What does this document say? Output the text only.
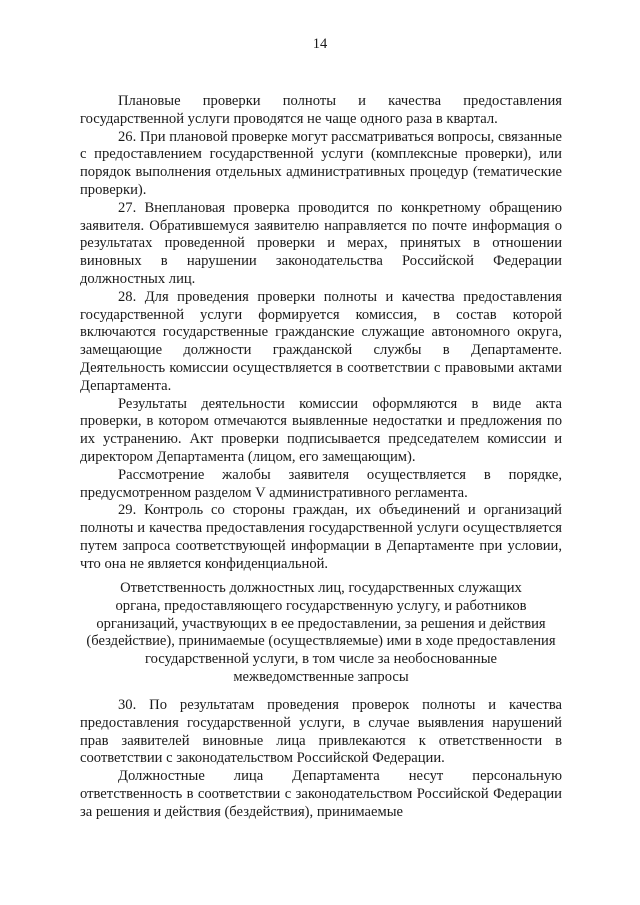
14

Плановые проверки полноты и качества предоставления государственной услуги проводятся не чаще одного раза в квартал.

26. При плановой проверке могут рассматриваться вопросы, связанные с предоставлением государственной услуги (комплексные проверки), или порядок выполнения отдельных административных процедур (тематические проверки).

27. Внеплановая проверка проводится по конкретному обращению заявителя. Обратившемуся заявителю направляется по почте информация о результатах проведенной проверки и мерах, принятых в отношении виновных в нарушении законодательства Российской Федерации должностных лиц.

28. Для проведения проверки полноты и качества предоставления государственной услуги формируется комиссия, в состав которой включаются государственные гражданские служащие автономного округа, замещающие должности гражданской службы в Департаменте. Деятельность комиссии осуществляется в соответствии с правовыми актами Департамента.

Результаты деятельности комиссии оформляются в виде акта проверки, в котором отмечаются выявленные недостатки и предложения по их устранению. Акт проверки подписывается председателем комиссии и директором Департамента (лицом, его замещающим).

Рассмотрение жалобы заявителя осуществляется в порядке, предусмотренном разделом V административного регламента.

29. Контроль со стороны граждан, их объединений и организаций полноты и качества предоставления государственной услуги осуществляется путем запроса соответствующей информации в Департаменте при условии, что она не является конфиденциальной.

Ответственность должностных лиц, государственных служащих
органа, предоставляющего государственную услугу, и работников
организаций, участвующих в ее предоставлении, за решения и действия
(бездействие), принимаемые (осуществляемые) ими в ходе предоставления
государственной услуги, в том числе за необоснованные
межведомственные запросы

30. По результатам проведения проверок полноты и качества предоставления государственной услуги, в случае выявления нарушений прав заявителей виновные лица привлекаются к ответственности в соответствии с законодательством Российской Федерации.

Должностные лица Департамента несут персональную ответственность в соответствии с законодательством Российской Федерации за решения и действия (бездействия), принимаемые
